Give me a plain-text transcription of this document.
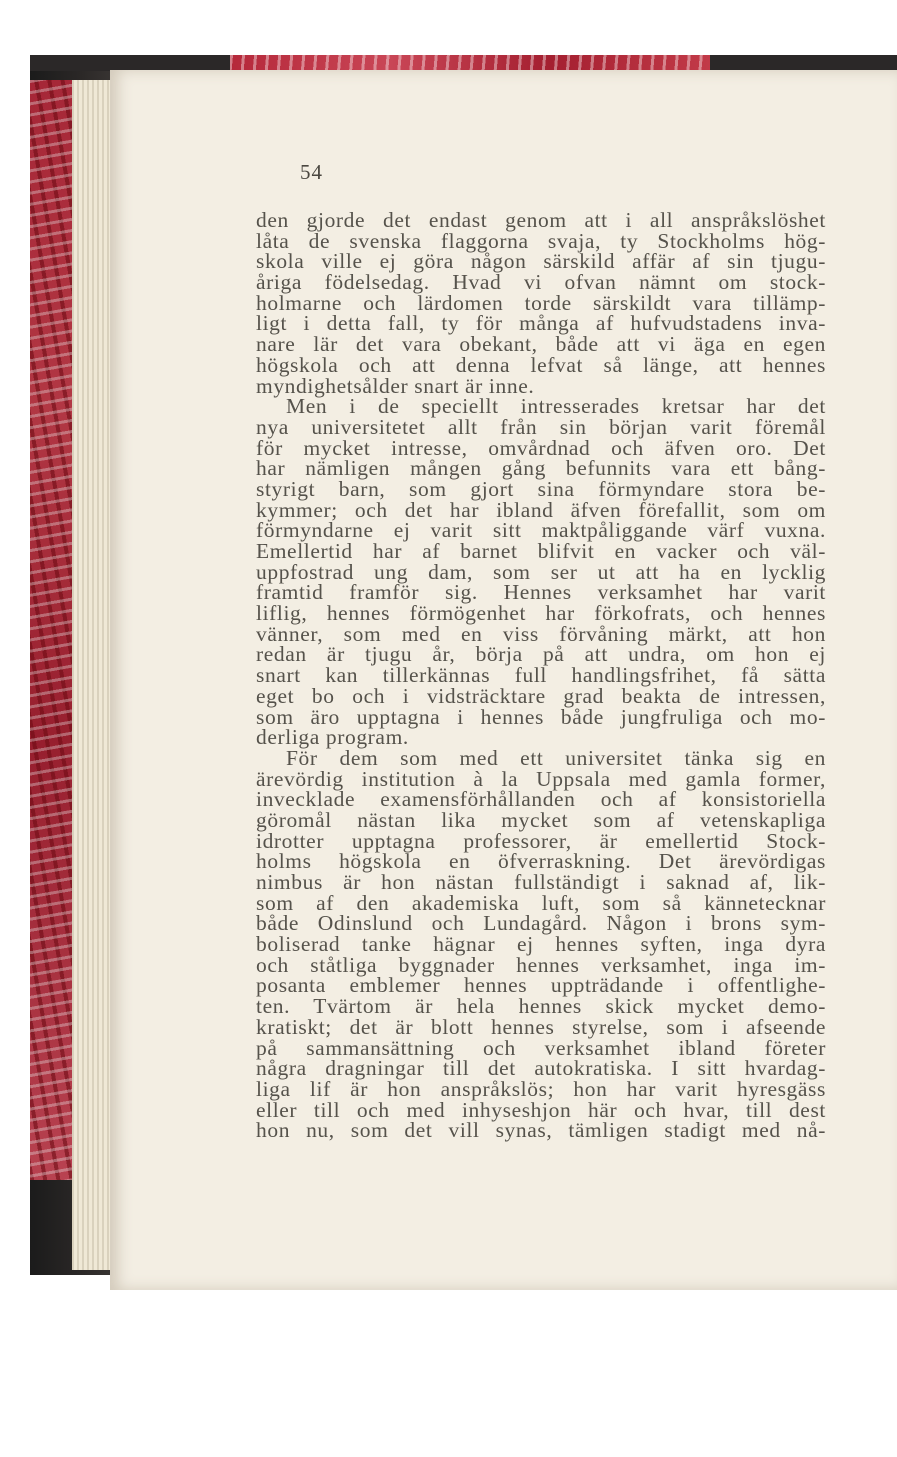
54
den gjorde det endast genom att i all anspråkslöshet
låta de svenska flaggorna svaja, ty Stockholms hög-
skola ville ej göra någon särskild affär af sin tjugu-
åriga födelsedag. Hvad vi ofvan nämnt om stock-
holmarne och lärdomen torde särskildt vara tillämp-
ligt i detta fall, ty för många af hufvudstadens inva-
nare lär det vara obekant, både att vi äga en egen
högskola och att denna lefvat så länge, att hennes
myndighetsålder snart är inne.
Men i de speciellt intresserades kretsar har det
nya universitetet allt från sin början varit föremål
för mycket intresse, omvårdnad och äfven oro. Det
har nämligen mången gång befunnits vara ett bång-
styrigt barn, som gjort sina förmyndare stora be-
kymmer; och det har ibland äfven förefallit, som om
förmyndarne ej varit sitt maktpåliggande värf vuxna.
Emellertid har af barnet blifvit en vacker och väl-
uppfostrad ung dam, som ser ut att ha en lycklig
framtid framför sig. Hennes verksamhet har varit
liflig, hennes förmögenhet har förkofrats, och hennes
vänner, som med en viss förvåning märkt, att hon
redan är tjugu år, börja på att undra, om hon ej
snart kan tillerkännas full handlingsfrihet, få sätta
eget bo och i vidsträcktare grad beakta de intressen,
som äro upptagna i hennes både jungfruliga och mo-
derliga program.
För dem som med ett universitet tänka sig en
ärevördig institution à la Uppsala med gamla former,
invecklade examensförhållanden och af konsistoriella
göromål nästan lika mycket som af vetenskapliga
idrotter upptagna professorer, är emellertid Stock-
holms högskola en öfverraskning. Det ärevördigas
nimbus är hon nästan fullständigt i saknad af, lik-
som af den akademiska luft, som så kännetecknar
både Odinslund och Lundagård. Någon i brons sym-
boliserad tanke hägnar ej hennes syften, inga dyra
och ståtliga byggnader hennes verksamhet, inga im-
posanta emblemer hennes uppträdande i offentlighe-
ten. Tvärtom är hela hennes skick mycket demo-
kratiskt; det är blott hennes styrelse, som i afseende
på sammansättning och verksamhet ibland företer
några dragningar till det autokratiska. I sitt hvardag-
liga lif är hon anspråkslös; hon har varit hyresgäss
eller till och med inhyseshjon här och hvar, till dest
hon nu, som det vill synas, tämligen stadigt med nå-
